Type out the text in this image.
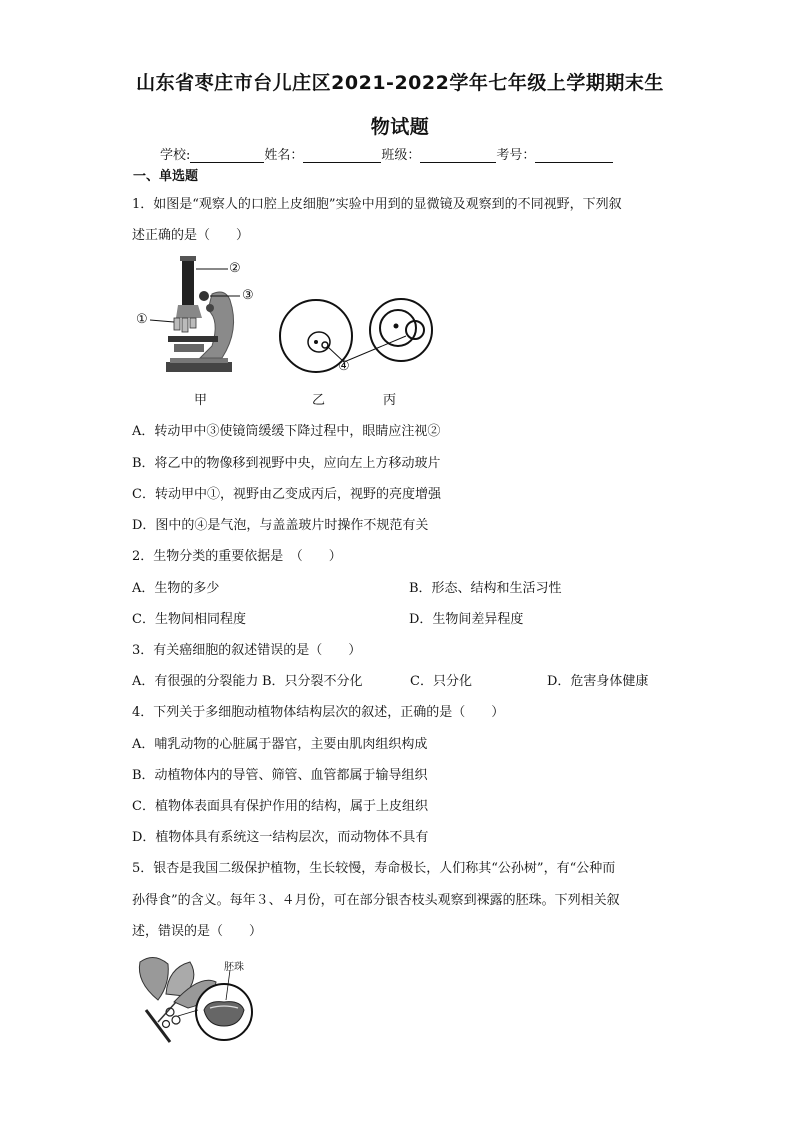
山东省枣庄市台儿庄区2021-2022学年七年级上学期期末生
物试题
学校:	姓名：	班级：	考号：
一、单选题
1．如图是“观察人的口腔上皮细胞”实验中用到的显微镜及观察到的不同视野，下列叙
述正确的是（　　）
②
③
①
④
甲	乙	丙
A．转动甲中③使镜筒缓缓下降过程中，眼睛应注视②
B．将乙中的物像移到视野中央，应向左上方移动玻片
C．转动甲中①，视野由乙变成丙后，视野的亮度增强
D．图中的④是气泡，与盖盖玻片时操作不规范有关
2．生物分类的重要依据是　（　　）
A．生物的多少	B．形态、结构和生活习性
C．生物间相同程度	D．生物间差异程度
3．有关癌细胞的叙述错误的是（　　）
A．有很强的分裂能力 B．只分裂不分化	C．只分化	D．危害身体健康
4．下列关于多细胞动植物体结构层次的叙述，正确的是（　　）
A．哺乳动物的心脏属于器官，主要由肌肉组织构成
B．动植物体内的导管、筛管、血管都属于输导组织
C．植物体表面具有保护作用的结构，属于上皮组织
D．植物体具有系统这一结构层次，而动物体不具有
5．银杏是我国二级保护植物，生长较慢，寿命极长，人们称其“公孙树”，有“公种而
孙得食”的含义。每年３、４月份，可在部分银杏枝头观察到裸露的胚珠。下列相关叙
述，错误的是（　　）
胚珠
